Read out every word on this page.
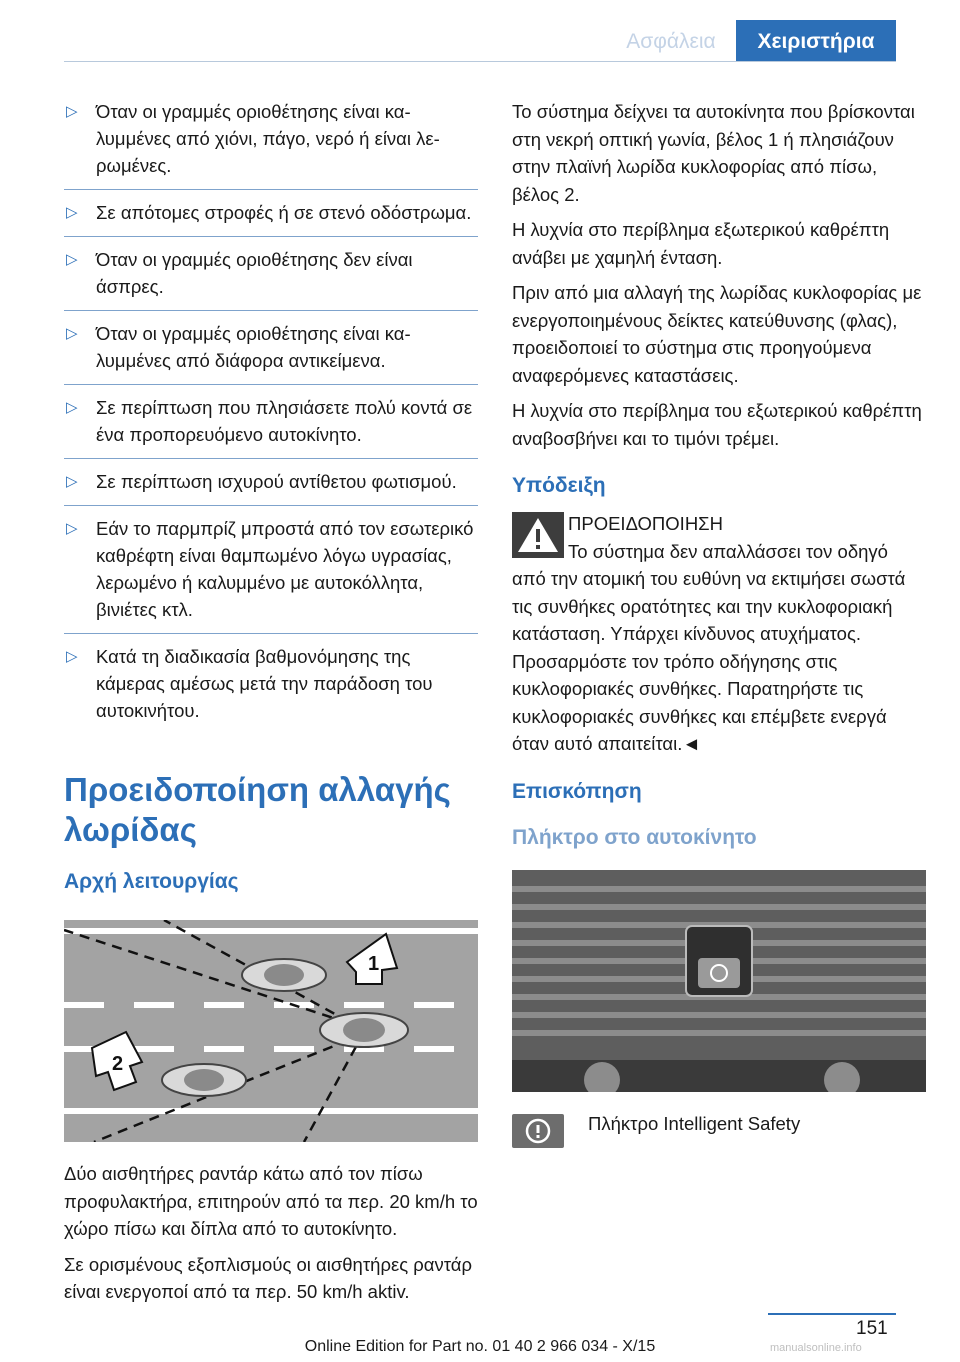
Ασφάλεια	Χειριστήρια
▷ Όταν οι γραμμές οριοθέτησης είναι καλυμμένες από χιόνι, πάγο, νερό ή είναι λερωμένες.
▷ Σε απότομες στροφές ή σε στενό οδόστρωμα.
▷ Όταν οι γραμμές οριοθέτησης δεν είναι άσπρες.
▷ Όταν οι γραμμές οριοθέτησης είναι καλυμμένες από διάφορα αντικείμενα.
▷ Σε περίπτωση που πλησιάσετε πολύ κοντά σε ένα προπορευόμενο αυτοκίνητο.
▷ Σε περίπτωση ισχυρού αντίθετου φωτισμού.
▷ Εάν το παρμπρίζ μπροστά από τον εσωτερικό καθρέφτη είναι θαμπωμένο λόγω υγρασίας, λερωμένο ή καλυμμένο με αυτοκόλλητα, βινιέτες κτλ.
▷ Κατά τη διαδικασία βαθμονόμησης της κάμερας αμέσως μετά την παράδοση του αυτοκινήτου.
Προειδοποίηση αλλαγής λωρίδας
Αρχή λειτουργίας
1
2

Δύο αισθητήρες ραντάρ κάτω από τον πίσω προφυλακτήρα, επιτηρούν από τα περ. 20 km/h το χώρο πίσω και δίπλα από το αυτοκίνητο.

Σε ορισμένους εξοπλισμούς οι αισθητήρες ραντάρ είναι ενεργοποί από τα περ. 50 km/h aktiv.

Το σύστημα δείχνει τα αυτοκίνητα που βρίσκονται στη νεκρή οπτική γωνία, βέλος 1 ή πλησιάζουν στην πλαϊνή λωρίδα κυκλοφορίας από πίσω, βέλος 2.

Η λυχνία στο περίβλημα εξωτερικού καθρέπτη ανάβει με χαμηλή ένταση.

Πριν από μια αλλαγή της λωρίδας κυκλοφορίας με ενεργοποιημένους δείκτες κατεύθυνσης (φλας), προειδοποιεί το σύστημα στις προηγούμενα αναφερόμενες καταστάσεις.

Η λυχνία στο περίβλημα του εξωτερικού καθρέπτη αναβοσβήνει και το τιμόνι τρέμει.

Υπόδειξη
ΠΡΟΕΙΔΟΠΟΙΗΣΗ

Το σύστημα δεν απαλλάσσει τον οδηγό από την ατομική του ευθύνη να εκτιμήσει σωστά τις συνθήκες ορατότητες και την κυκλοφοριακή κατάσταση. Υπάρχει κίνδυνος ατυχήματος. Προσαρμόστε τον τρόπο οδήγησης στις κυκλοφοριακές συνθήκες. Παρατηρήστε τις κυκλοφοριακές συνθήκες και επέμβετε ενεργά όταν αυτό απαιτείται.◄

Επισκόπηση
Πλήκτρο στο αυτοκίνητο
Πλήκτρο Intelligent Safety
151
Online Edition for Part no. 01 40 2 966 034 - X/15	manualsonline.info
